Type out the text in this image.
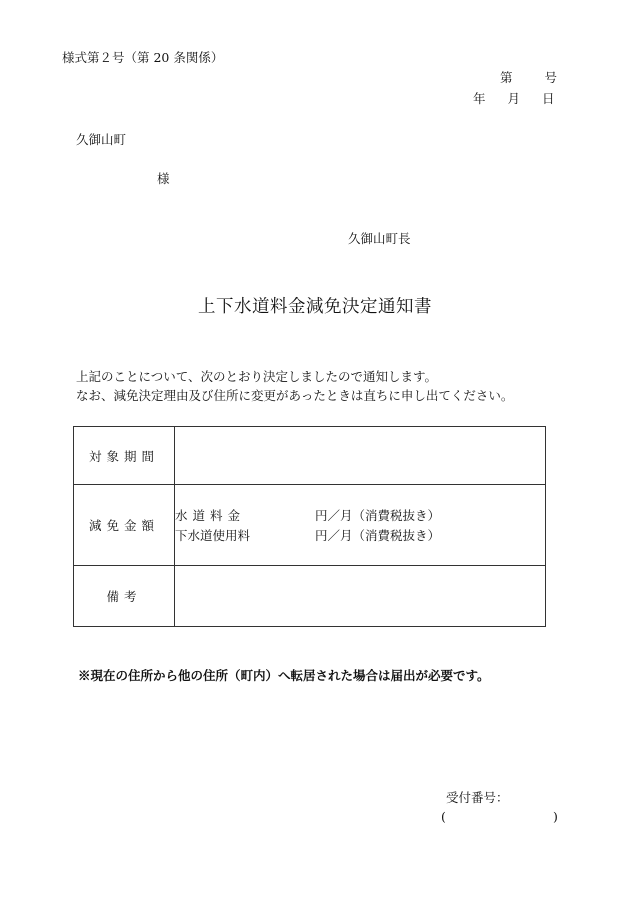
様式第２号（第 20 条関係）
第	号
年 月 日
久御山町
様
久御山町長
上下水道料金減免決定通知書
上記のことについて、次のとおり決定しましたので通知します。
なお、減免決定理由及び住所に変更があったときは直ちに申し出てください。
対象期間	
減免金額	水道料金 円／月（消費税抜き）
下水道使用料 円／月（消費税抜き）

備考	
※現在の住所から他の住所（町内）へ転居された場合は届出が必要です。
受付番号：
(	)
